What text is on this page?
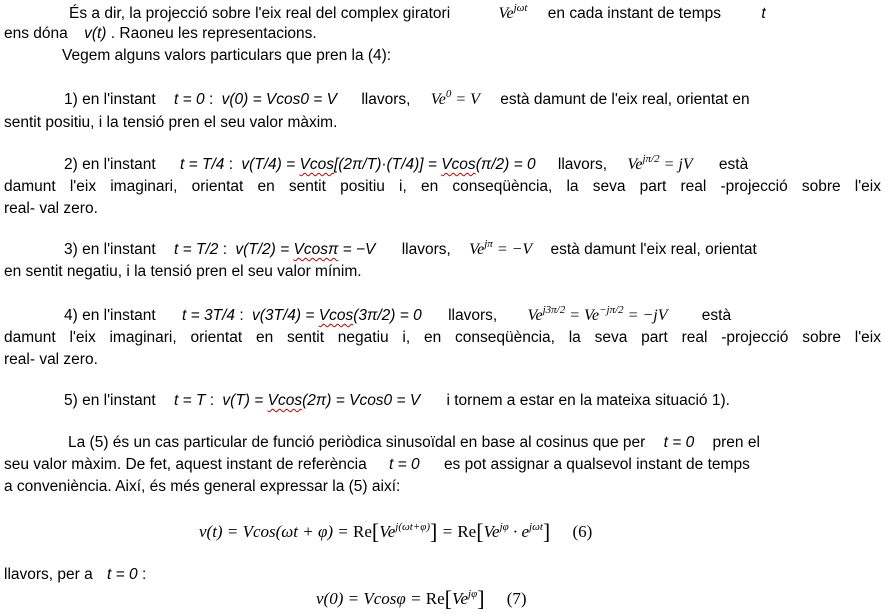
És a dir, la projecció sobre l'eix real del complex giratori	$Ve^{j\omega t}$ en cada instant de temps	t
ens dóna v(t) . Raoneu les representacions.
Vegem alguns valors particulars que pren la (4):
1) en l'instant t = 0 : v(0) = Vcos0 = V llavors, $Ve^0 = V$ està damunt de l'eix real, orientat en
sentit positiu, i la tensió pren el seu valor màxim.
2) en l'instant t = T/4 : v(T/4) = Vcos[(2π/T)·(T/4)] = Vcos(π/2) = 0 llavors, $Ve^{j\pi/2}$ = jV està
damunt l'eix imaginari, orientat en sentit positiu i, en conseqüència, la seva part real -projecció sobre l'eix
real- val zero.
3) en l'instant t = T/2 : v(T/2) = Vcosπ = −V llavors, $Ve^{j\pi} = -V$ està damunt l'eix real, orientat
en sentit negatiu, i la tensió pren el seu valor mínim.
4) en l'instant t = 3T/4 : v(3T/4) = Vcos(3π/2) = 0 llavors, $Ve^{j3\pi/2} = Ve^{-j\pi/2} = -jV$ està
damunt l'eix imaginari, orientat en sentit negatiu i, en conseqüència, la seva part real -projecció sobre l'eix
real- val zero.
5) en l'instant t = T : v(T) = Vcos(2π) = Vcos0 = V i tornem a estar en la mateixa situació 1).
La (5) és un cas particular de funció periòdica sinusoïdal en base al cosinus que per t = 0 pren el
seu valor màxim. De fet, aquest instant de referència t = 0 es pot assignar a qualsevol instant de temps
a conveniència. Així, és més general expressar la (5) així:
$v(t) = Vcos(\omega t + \varphi) = Re[Ve^{j(\omega t+\varphi)}] = Re[Ve^{j\varphi} \cdot e^{j\omega t}]$ (6)
llavors, per a t = 0 :
$v(0) = Vcos\varphi = Re[Ve^{j\varphi}]$ (7)
